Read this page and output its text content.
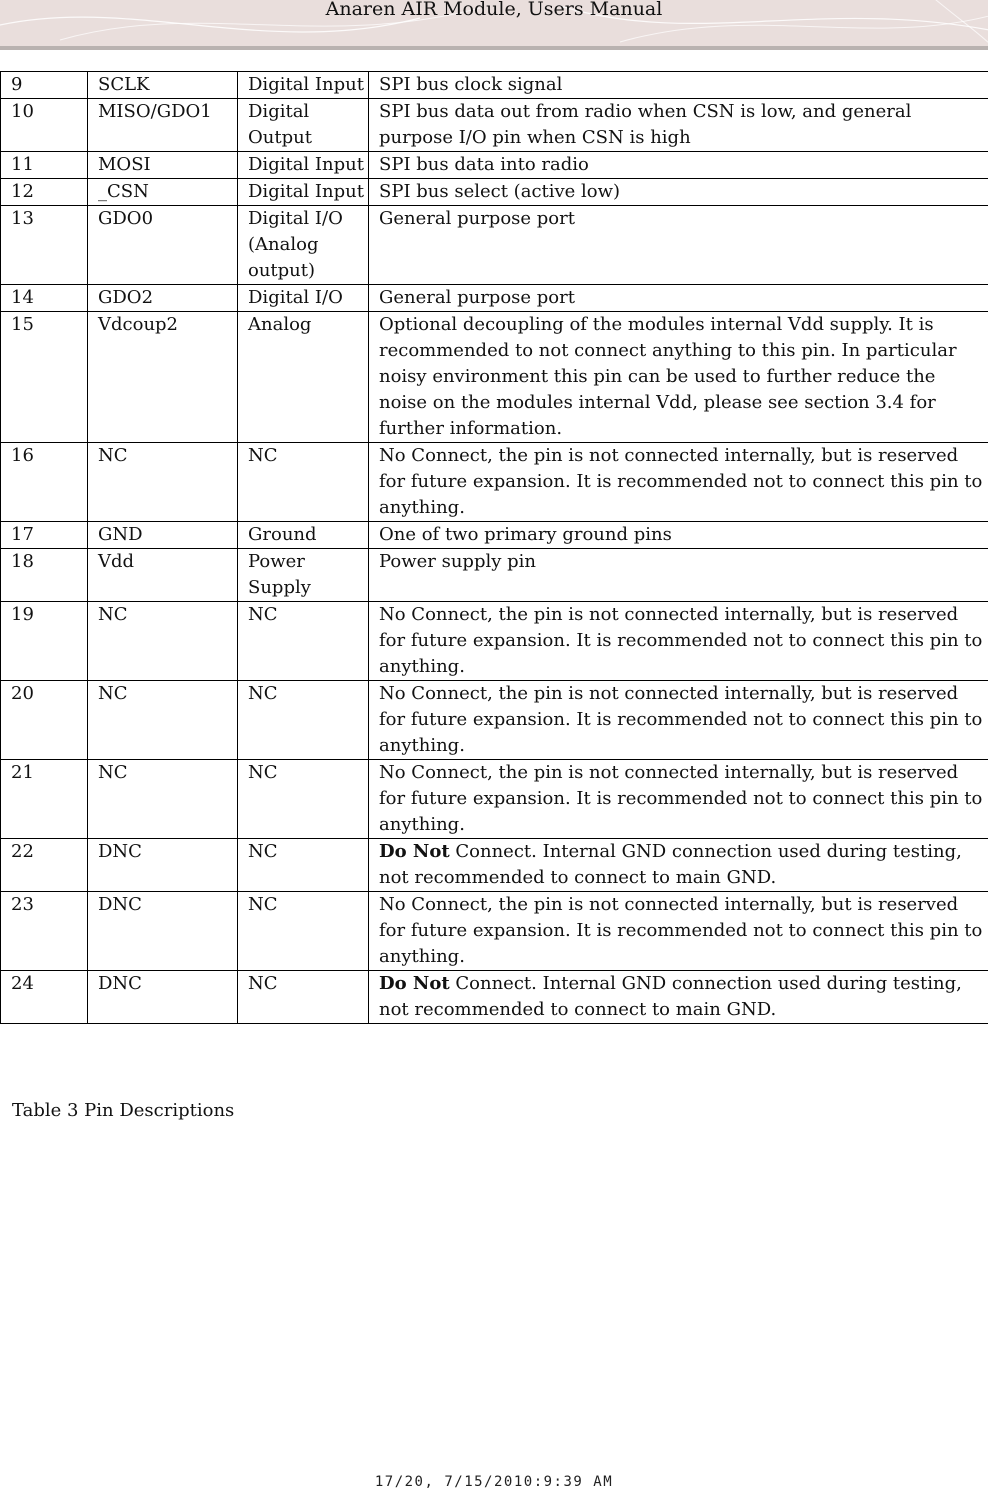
Anaren AIR Module, Users Manual
9	SCLK	Digital Input	SPI bus clock signal
10	MISO/GDO1	Digital Output	SPI bus data out from radio when CSN is low, and general purpose I/O pin when CSN is high
11	MOSI	Digital Input	SPI bus data into radio
12	_CSN	Digital Input	SPI bus select (active low)
13	GDO0	Digital I/O (Analog output)	General purpose port
14	GDO2	Digital I/O	General purpose port
15	Vdcoup2	Analog	Optional decoupling of the modules internal Vdd supply. It is recommended to not connect anything to this pin. In particular noisy environment this pin can be used to further reduce the noise on the modules internal Vdd, please see section 3.4 for further information.
16	NC	NC	No Connect, the pin is not connected internally, but is reserved for future expansion. It is recommended not to connect this pin to anything.
17	GND	Ground	One of two primary ground pins
18	Vdd	Power Supply	Power supply pin
19	NC	NC	No Connect, the pin is not connected internally, but is reserved for future expansion. It is recommended not to connect this pin to anything.
20	NC	NC	No Connect, the pin is not connected internally, but is reserved for future expansion. It is recommended not to connect this pin to anything.
21	NC	NC	No Connect, the pin is not connected internally, but is reserved for future expansion. It is recommended not to connect this pin to anything.
22	DNC	NC	Do Not Connect. Internal GND connection used during testing, not recommended to connect to main GND.
23	DNC	NC	No Connect, the pin is not connected internally, but is reserved for future expansion. It is recommended not to connect this pin to anything.
24	DNC	NC	Do Not Connect. Internal GND connection used during testing, not recommended to connect to main GND.
Table 3 Pin Descriptions
17/20, 7/15/2010:9:39 AM
